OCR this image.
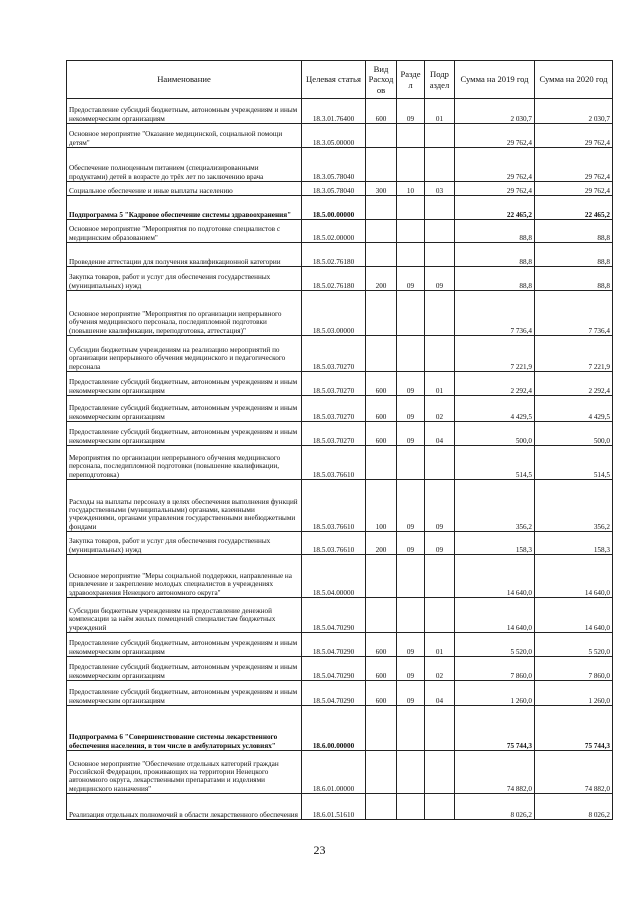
Наименование	Целевая статья	Вид Расход ов	Разде л	Подр аздел	Сумма на 2019 год	Сумма на 2020 год
Предоставление субсидий бюджетным, автономным учреждениям и иным некоммерческим организациям	18.3.01.76400	600	09	01	2 030,7	2 030,7
Основное мероприятие "Оказание медицинской, социальной помощи детям"	18.3.05.00000				29 762,4	29 762,4
Обеспечение полноценным питанием (специализированными продуктами) детей в возрасте до трёх лет по заключению врача	18.3.05.78040				29 762,4	29 762,4
Социальное обеспечение и иные выплаты населению	18.3.05.78040	300	10	03	29 762,4	29 762,4
Подпрограмма 5 "Кадровое обеспечение системы здравоохранения"	18.5.00.00000				22 465,2	22 465,2
Основное мероприятие "Мероприятия по подготовке специалистов с медицинским образованием"	18.5.02.00000				88,8	88,8
Проведение аттестации для получения квалификационной категории	18.5.02.76180				88,8	88,8
Закупка товаров, работ и услуг для обеспечения государственных (муниципальных) нужд	18.5.02.76180	200	09	09	88,8	88,8
Основное мероприятие "Мероприятия по организации непрерывного обучения медицинского персонала, последипломной подготовки (повышение квалификации, переподготовка, аттестация)"	18.5.03.00000				7 736,4	7 736,4
Субсидии бюджетным учреждениям на реализацию мероприятий по организации непрерывного обучения медицинского и педагогического персонала	18.5.03.70270				7 221,9	7 221,9
Предоставление субсидий бюджетным, автономным учреждениям и иным некоммерческим организациям	18.5.03.70270	600	09	01	2 292,4	2 292,4
Предоставление субсидий бюджетным, автономным учреждениям и иным некоммерческим организациям	18.5.03.70270	600	09	02	4 429,5	4 429,5
Предоставление субсидий бюджетным, автономным учреждениям и иным некоммерческим организациям	18.5.03.70270	600	09	04	500,0	500,0
Мероприятия по организации непрерывного обучения медицинского персонала, последипломной подготовки (повышение квалификации, переподготовка)	18.5.03.76610				514,5	514,5
Расходы на выплаты персоналу в целях обеспечения выполнения функций государственными (муниципальными) органами, казенными учреждениями, органами управления государственными внебюджетными фондами	18.5.03.76610	100	09	09	356,2	356,2
Закупка товаров, работ и услуг для обеспечения государственных (муниципальных) нужд	18.5.03.76610	200	09	09	158,3	158,3
Основное мероприятие "Меры социальной поддержки, направленные на привлечение и закрепление молодых специалистов в учреждениях здравоохранения Ненецкого автономного округа"	18.5.04.00000				14 640,0	14 640,0
Субсидии бюджетным учреждениям на предоставление денежной компенсации за наём жилых помещений специалистам бюджетных учреждений	18.5.04.70290				14 640,0	14 640,0
Предоставление субсидий бюджетным, автономным учреждениям и иным некоммерческим организациям	18.5.04.70290	600	09	01	5 520,0	5 520,0
Предоставление субсидий бюджетным, автономным учреждениям и иным некоммерческим организациям	18.5.04.70290	600	09	02	7 860,0	7 860,0
Предоставление субсидий бюджетным, автономным учреждениям и иным некоммерческим организациям	18.5.04.70290	600	09	04	1 260,0	1 260,0
Подпрограмма 6 "Совершенствование системы лекарственного обеспечения населения, в том числе в амбулаторных условиях"	18.6.00.00000				75 744,3	75 744,3
Основное мероприятие "Обеспечение отдельных категорий граждан Российской Федерации, проживающих на территории Ненецкого автономного округа, лекарственными препаратами и изделиями медицинского назначения"	18.6.01.00000				74 882,0	74 882,0
Реализация отдельных полномочий в области лекарственного обеспечения	18.6.01.51610				8 026,2	8 026,2
23
